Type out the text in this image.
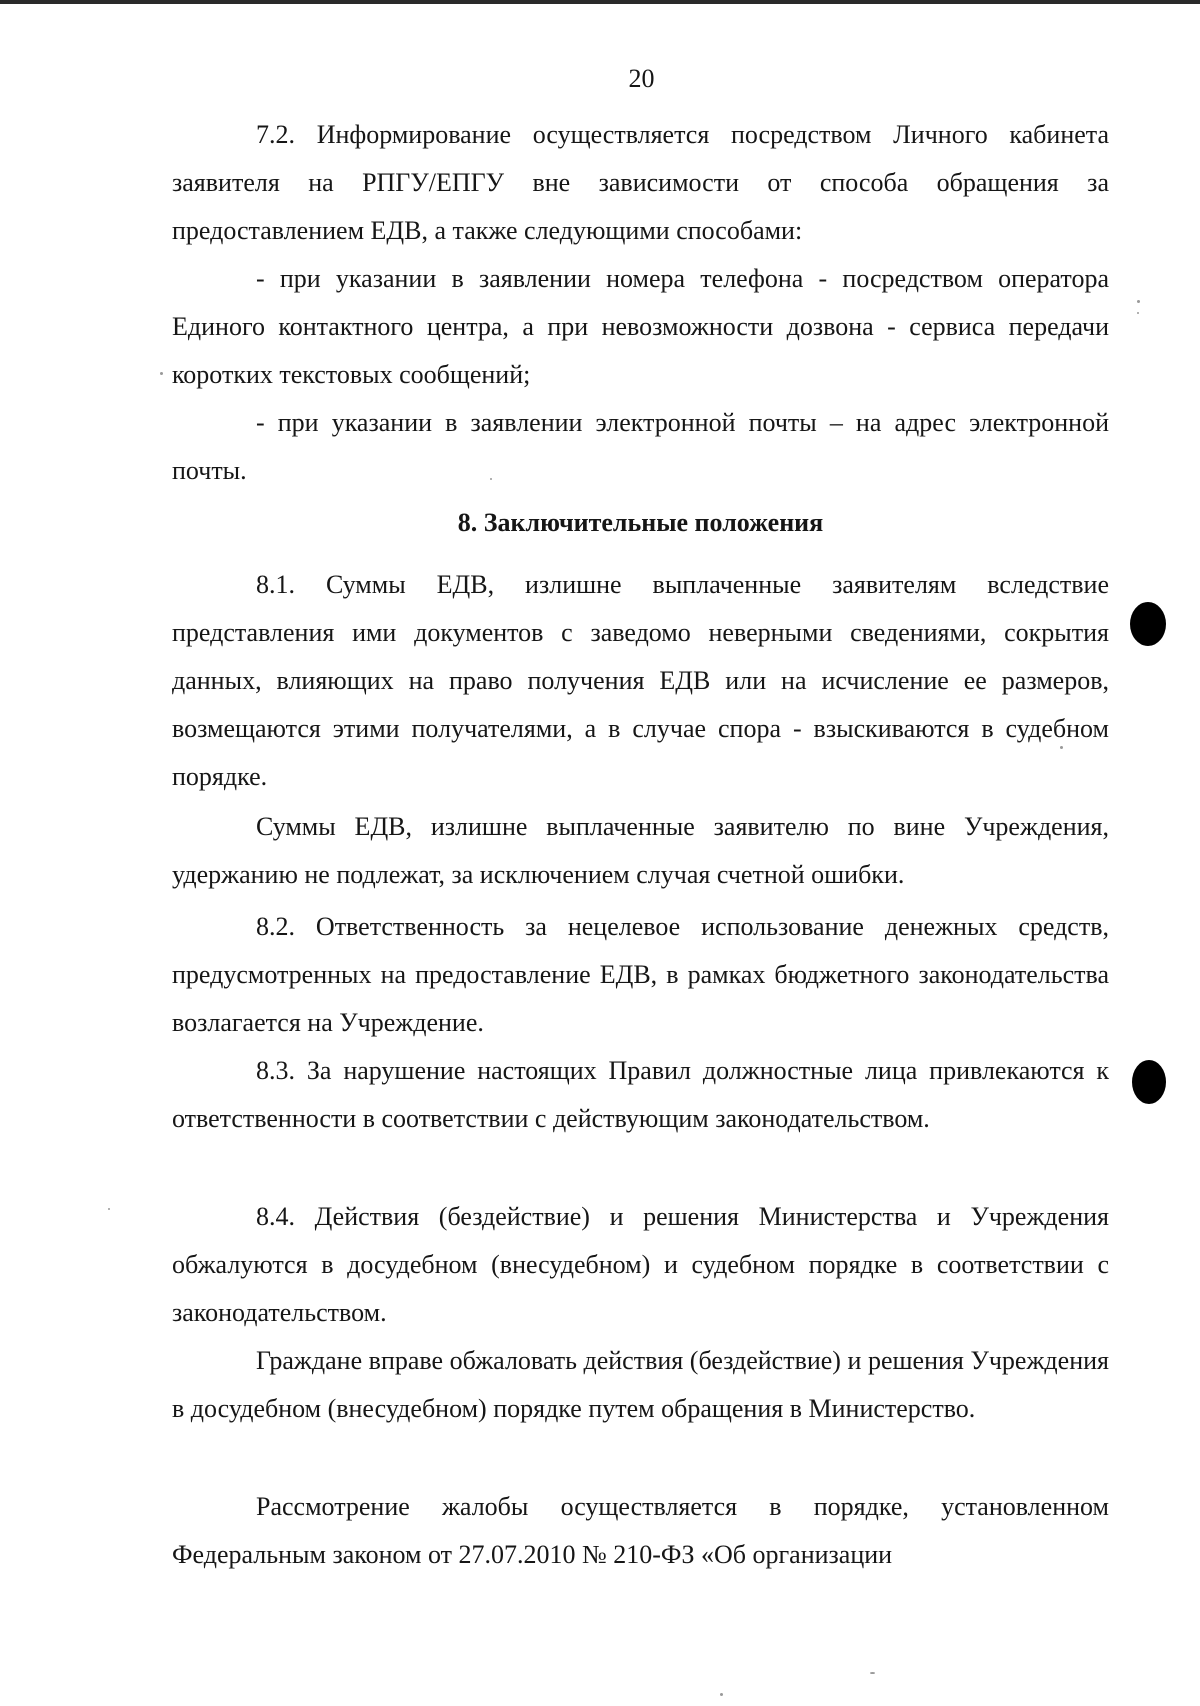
20

7.2. Информирование осуществляется посредством Личного кабинета заявителя на РПГУ/ЕПГУ вне зависимости от способа обращения за предоставлением ЕДВ, а также следующими способами:

- при указании в заявлении номера телефона - посредством оператора Единого контактного центра, а при невозможности дозвона - сервиса передачи коротких текстовых сообщений;

- при указании в заявлении электронной почты – на адрес электронной почты.

8. Заключительные положения

8.1. Суммы ЕДВ, излишне выплаченные заявителям вследствие представления ими документов с заведомо неверными сведениями, сокрытия данных, влияющих на право получения ЕДВ или на исчисление ее размеров, возмещаются этими получателями, а в случае спора - взыскиваются в судебном порядке.

Суммы ЕДВ, излишне выплаченные заявителю по вине Учреждения, удержанию не подлежат, за исключением случая счетной ошибки.

8.2. Ответственность за нецелевое использование денежных средств, предусмотренных на предоставление ЕДВ, в рамках бюджетного законодательства возлагается на Учреждение.

8.3. За нарушение настоящих Правил должностные лица привлекаются к ответственности в соответствии с действующим законодательством.

8.4. Действия (бездействие) и решения Министерства и Учреждения обжалуются в досудебном (внесудебном) и судебном порядке в соответствии с законодательством.

Граждане вправе обжаловать действия (бездействие) и решения Учреждения в досудебном (внесудебном) порядке путем обращения в Министерство.

Рассмотрение жалобы осуществляется в порядке, установленном Федеральным законом от 27.07.2010 № 210-ФЗ «Об организации
